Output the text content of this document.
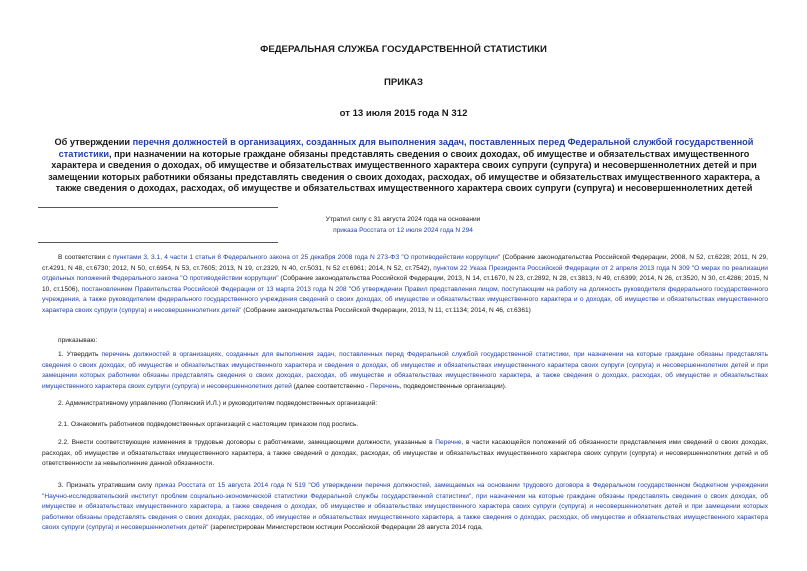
ФЕДЕРАЛЬНАЯ СЛУЖБА ГОСУДАРСТВЕННОЙ СТАТИСТИКИ
ПРИКАЗ
от 13 июля 2015 года N 312
Об утверждении перечня должностей в организациях, созданных для выполнения задач, поставленных перед Федеральной службой государственной статистики, при назначении на которые граждане обязаны представлять сведения о своих доходах, об имуществе и обязательствах имущественного характера и сведения о доходах, об имуществе и обязательствах имущественного характера своих супруги (супруга) и несовершеннолетних детей и при замещении которых работники обязаны представлять сведения о своих доходах, расходах, об имуществе и обязательствах имущественного характера, а также сведения о доходах, расходах, об имуществе и обязательствах имущественного характера своих супруги (супруга) и несовершеннолетних детей
Утратил силу с 31 августа 2024 года на основании
приказа Росстата от 12 июля 2024 года N 294
В соответствии с пунктами 3, 3.1, 4 части 1 статьи 8 Федерального закона от 25 декабря 2008 года N 273-ФЗ "О противодействии коррупции" (Собрание законодательства Российской Федерации, 2008, N 52, ст.6228; 2011, N 29, ст.4291, N 48, ст.6730; 2012, N 50, ст.6954, N 53, ст.7605; 2013, N 19, ст.2329, N 40, ст.5031, N 52 ст.6961; 2014, N 52, ст.7542), пунктом 22 Указа Президента Российской Федерации от 2 апреля 2013 года N 309 "О мерах по реализации отдельных положений Федерального закона "О противодействии коррупции" (Собрание законодательства Российской Федерации, 2013, N 14, ст.1670, N 23, ст.2892, N 28, ст.3813, N 49, ст.6399; 2014, N 26, ст.3520, N 30, ст.4286; 2015, N 10, ст.1506), постановлением Правительства Российской Федерации от 13 марта 2013 года N 208 "Об утверждении Правил представления лицом, поступающим на работу на должность руководителя федерального государственного учреждения, а также руководителем федерального государственного учреждения сведений о своих доходах, об имуществе и обязательствах имущественного характера и о доходах, об имуществе и обязательствах имущественного характера своих супруги (супруга) и несовершеннолетних детей" (Собрание законодательства Российской Федерации, 2013, N 11, ст.1134; 2014, N 46, ст.6361)
приказываю:
1. Утвердить перечень должностей в организациях, созданных для выполнения задач, поставленных перед Федеральной службой государственной статистики, при назначении на которые граждане обязаны представлять сведения о своих доходах, об имуществе и обязательствах имущественного характера и сведения о доходах, об имуществе и обязательствах имущественного характера своих супруги (супруга) и несовершеннолетних детей и при замещении которых работники обязаны представлять сведения о своих доходах, расходах, об имуществе и обязательствах имущественного характера, а также сведения о доходах, расходах, об имуществе и обязательствах имущественного характера своих супруги (супруга) и несовершеннолетних детей (далее соответственно - Перечень, подведомственные организации).
2. Административному управлению (Полянский И.Л.) и руководителям подведомственных организаций:
2.1. Ознакомить работников подведомственных организаций с настоящим приказом под роспись.
2.2. Внести соответствующие изменения в трудовые договоры с работниками, замещающими должности, указанные в Перечне, в части касающейся положений об обязанности представления ими сведений о своих доходах, расходах, об имуществе и обязательствах имущественного характера, а также сведений о доходах, расходах, об имуществе и обязательствах имущественного характера своих супруги (супруга) и несовершеннолетних детей и об ответственности за невыполнение данной обязанности.
3. Признать утратившим силу приказ Росстата от 15 августа 2014 года N 519 "Об утверждении перечня должностей, замещаемых на основании трудового договора в Федеральном государственном бюджетном учреждении "Научно-исследовательский институт проблем социально-экономической статистики Федеральной службы государственной статистики", при назначении на которые граждане обязаны представлять сведения о своих доходах, об имуществе и обязательствах имущественного характера, а также сведения о доходах, об имуществе и обязательствах имущественного характера своих супруги (супруга) и несовершеннолетних детей и при замещении которых работники обязаны представлять сведения о своих доходах, расходах, об имуществе и обязательствах имущественного характера, а также сведения о доходах, расходах, об имуществе и обязательствах имущественного характера своих супруги (супруга) и несовершеннолетних детей" (зарегистрирован Министерством юстиции Российской Федерации 28 августа 2014 года,
